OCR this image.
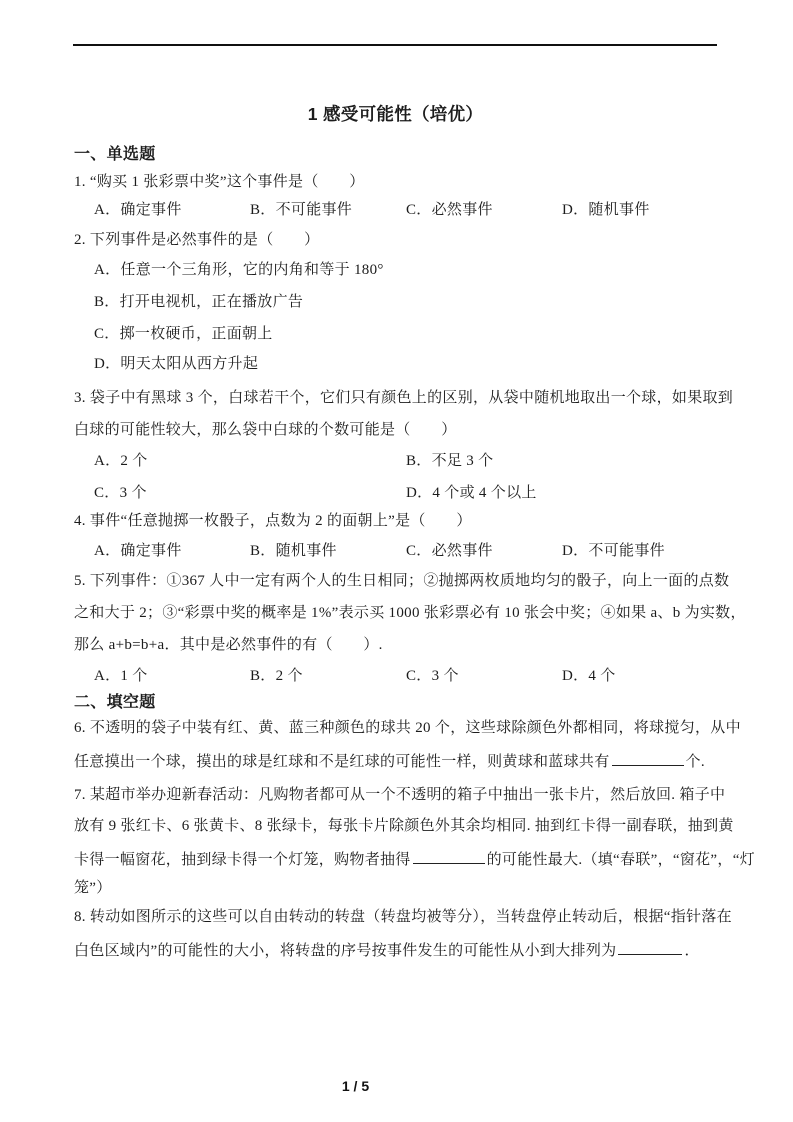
1 感受可能性（培优）
一、单选题
1. “购买 1 张彩票中奖”这个事件是（　　）
A．确定事件	B．不可能事件	C．必然事件	D．随机事件
2. 下列事件是必然事件的是（　　）
A．任意一个三角形，它的内角和等于 180°
B．打开电视机，正在播放广告
C．掷一枚硬币，正面朝上
D．明天太阳从西方升起
3. 袋子中有黑球 3 个，白球若干个，它们只有颜色上的区别，从袋中随机地取出一个球，如果取到
白球的可能性较大，那么袋中白球的个数可能是（　　）
A．2 个	B．不足 3 个
C．3 个	D．4 个或 4 个以上
4. 事件“任意抛掷一枚骰子，点数为 2 的面朝上”是（　　）
A．确定事件	B．随机事件	C．必然事件	D．不可能事件
5. 下列事件：①367 人中一定有两个人的生日相同；②抛掷两枚质地均匀的骰子，向上一面的点数
之和大于 2；③“彩票中奖的概率是 1%”表示买 1000 张彩票必有 10 张会中奖；④如果 a、b 为实数，
那么 a+b=b+a．其中是必然事件的有（　　）.
A．1 个	B．2 个	C．3 个	D．4 个
二、填空题
6. 不透明的袋子中装有红、黄、蓝三种颜色的球共 20 个，这些球除颜色外都相同，将球搅匀，从中
任意摸出一个球，摸出的球是红球和不是红球的可能性一样，则黄球和蓝球共有	个.
7. 某超市举办迎新春活动：凡购物者都可从一个不透明的箱子中抽出一张卡片，然后放回. 箱子中
放有 9 张红卡、6 张黄卡、8 张绿卡，每张卡片除颜色外其余均相同. 抽到红卡得一副春联，抽到黄
卡得一幅窗花，抽到绿卡得一个灯笼，购物者抽得	的可能性最大.（填“春联”，“窗花”，“灯
笼”）
8. 转动如图所示的这些可以自由转动的转盘（转盘均被等分），当转盘停止转动后，根据“指针落在
白色区域内”的可能性的大小，将转盘的序号按事件发生的可能性从小到大排列为	．
1 / 5
